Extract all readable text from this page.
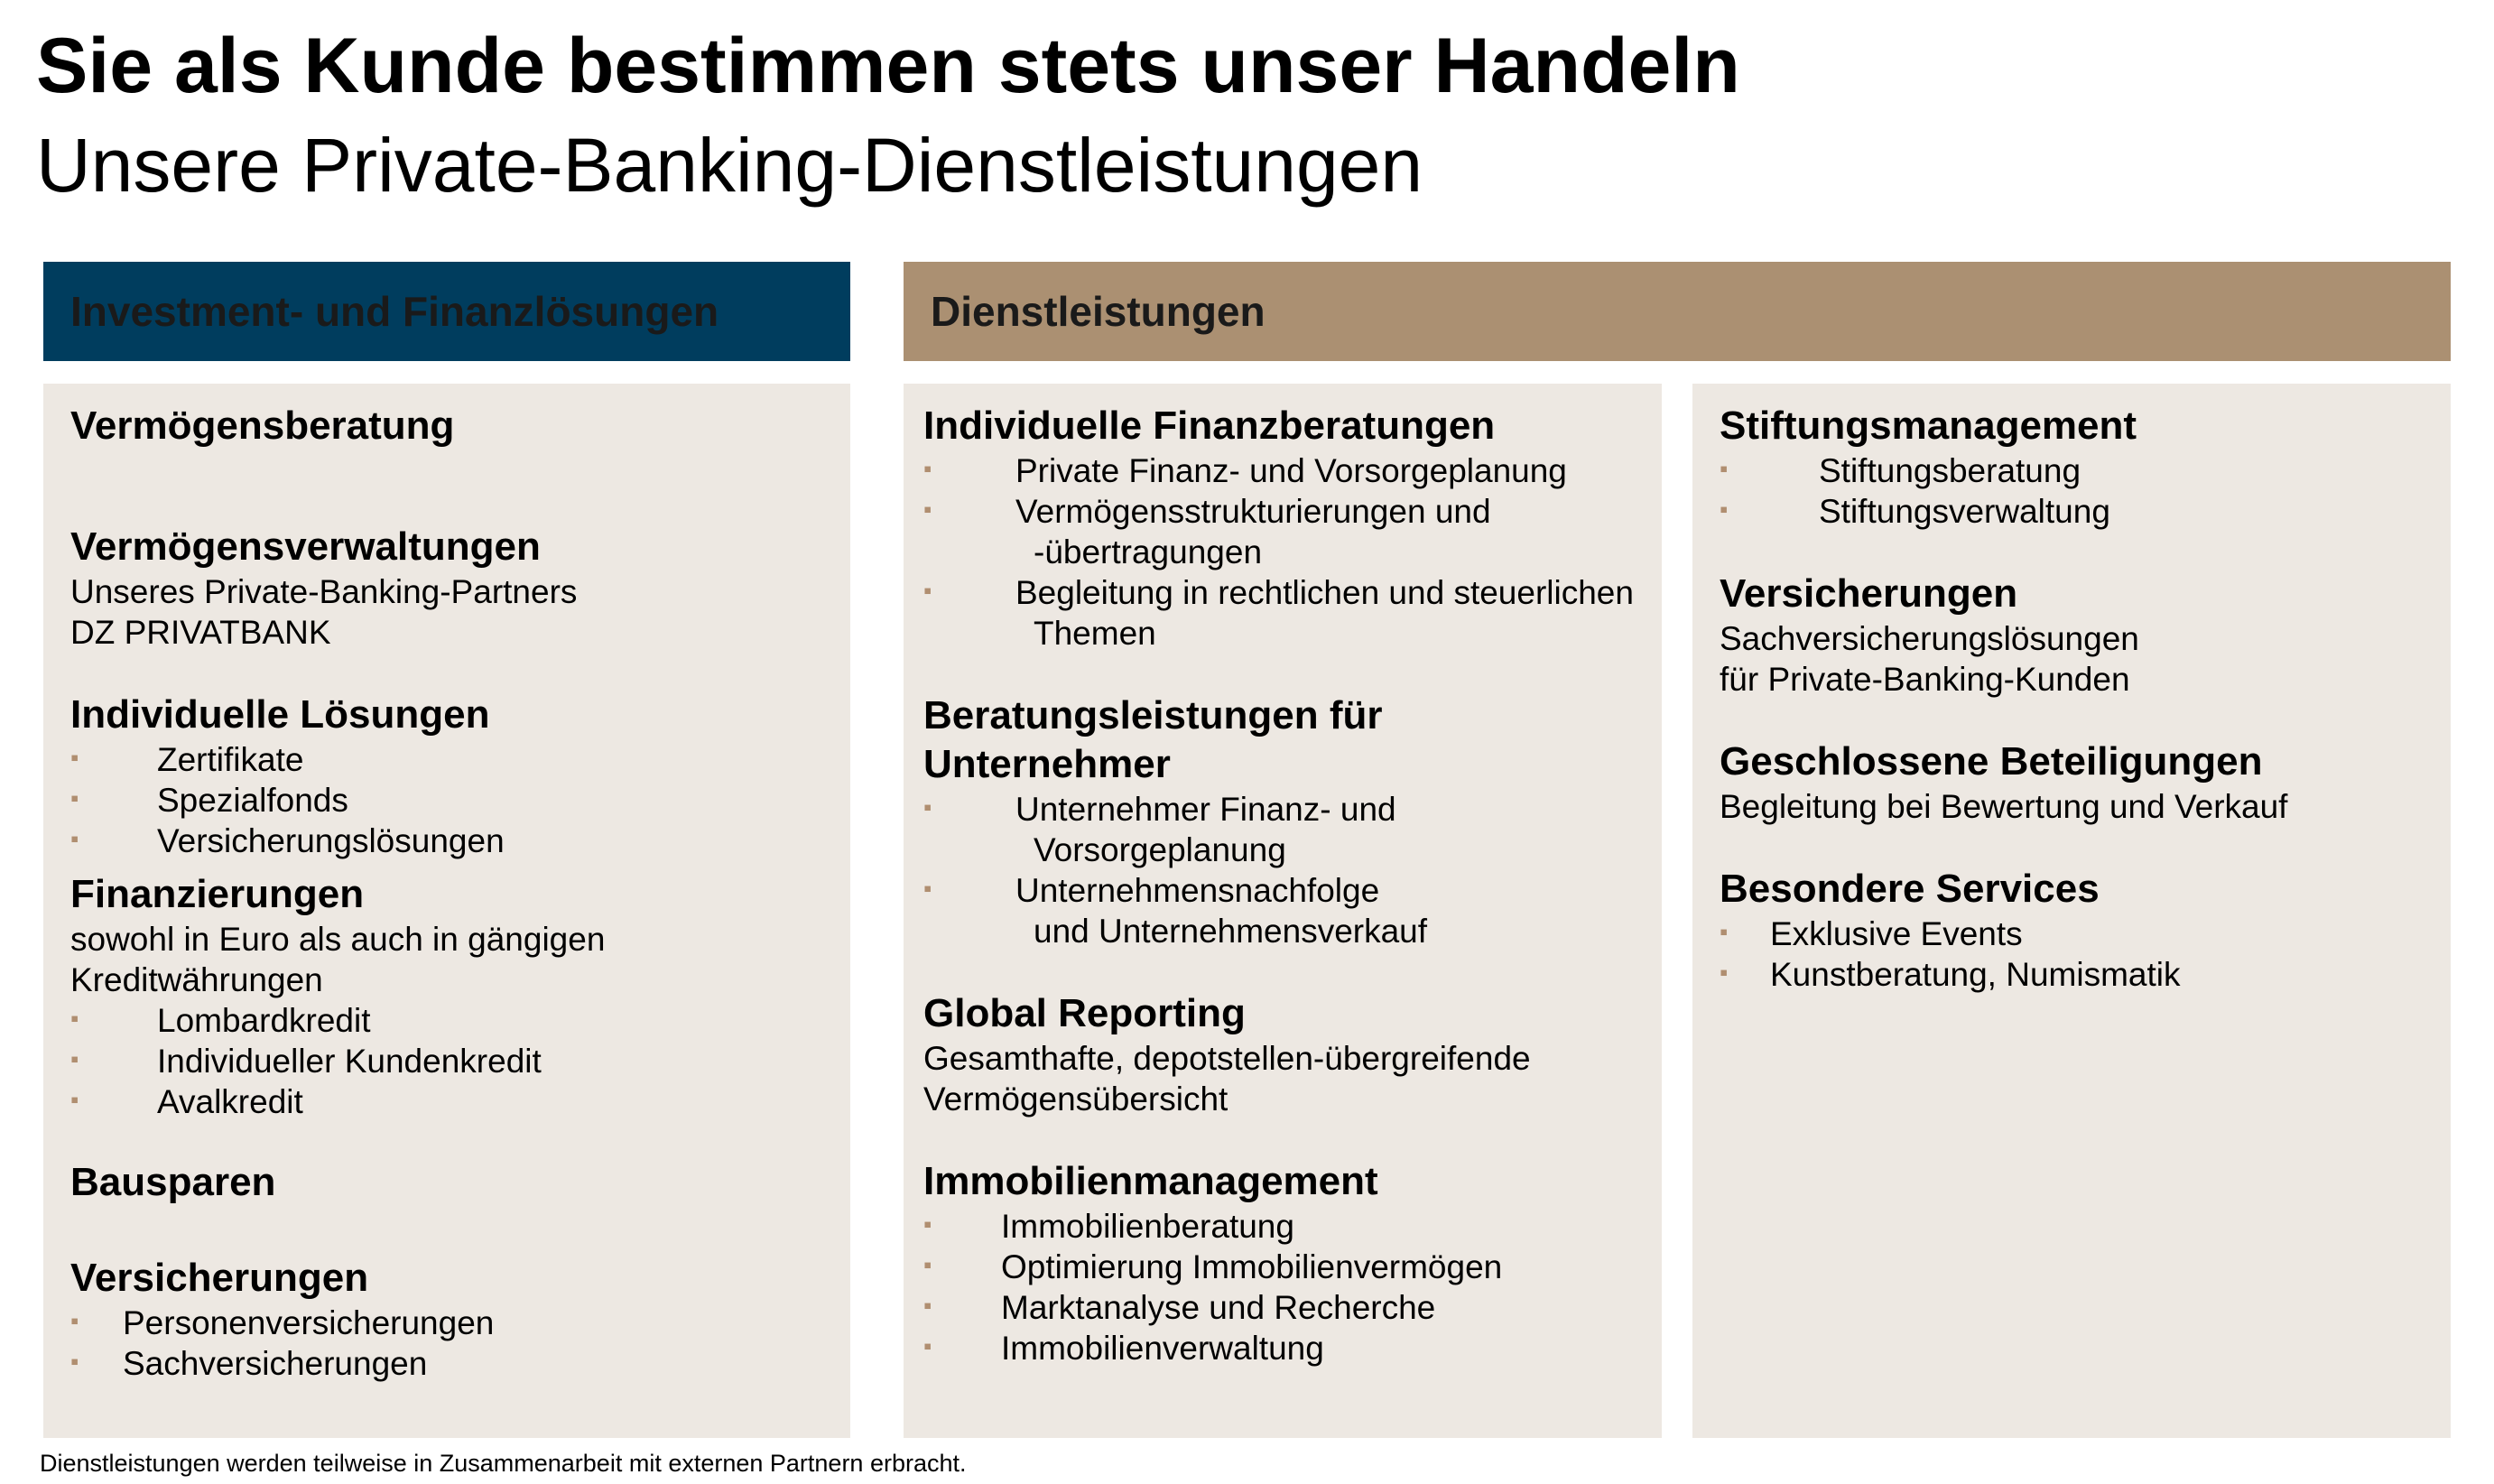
Sie als Kunde bestimmen stets unser Handeln
Unsere Private-Banking-Dienstleistungen
Investment- und Finanzlösungen	Dienstleistungen
Vermögensberatung
Vermögensverwaltungen
Unseres Private-Banking-Partners
DZ PRIVATBANK
Individuelle Lösungen
▪ Zertifikate
▪ Spezialfonds
▪ Versicherungslösungen
Finanzierungen
sowohl in Euro als auch in gängigen
Kreditwährungen
▪ Lombardkredit
▪ Individueller Kundenkredit
▪ Avalkredit
Bausparen
Versicherungen
▪ Personenversicherungen
▪ Sachversicherungen
Individuelle Finanzberatungen
▪	Private Finanz- und Vorsorgeplanung
▪	Vermögensstrukturierungen und
-übertragungen
▪	Begleitung in rechtlichen und steuerlichen
Themen
Beratungsleistungen für
Unternehmer
▪	Unternehmer Finanz- und
Vorsorgeplanung
▪	Unternehmensnachfolge
und Unternehmensverkauf
Global Reporting
Gesamthafte, depotstellen-übergreifende
Vermögensübersicht
Immobilienmanagement
▪ Immobilienberatung
▪ Optimierung Immobilienvermögen
▪ Marktanalyse und Recherche
▪ Immobilienverwaltung
Stiftungsmanagement
▪	Stiftungsberatung
▪	Stiftungsverwaltung
Versicherungen
Sachversicherungslösungen
für Private-Banking-Kunden
Geschlossene Beteiligungen
Begleitung bei Bewertung und Verkauf
Besondere Services
▪ Exklusive Events
▪ Kunstberatung, Numismatik
Dienstleistungen werden teilweise in Zusammenarbeit mit externen Partnern erbracht.
